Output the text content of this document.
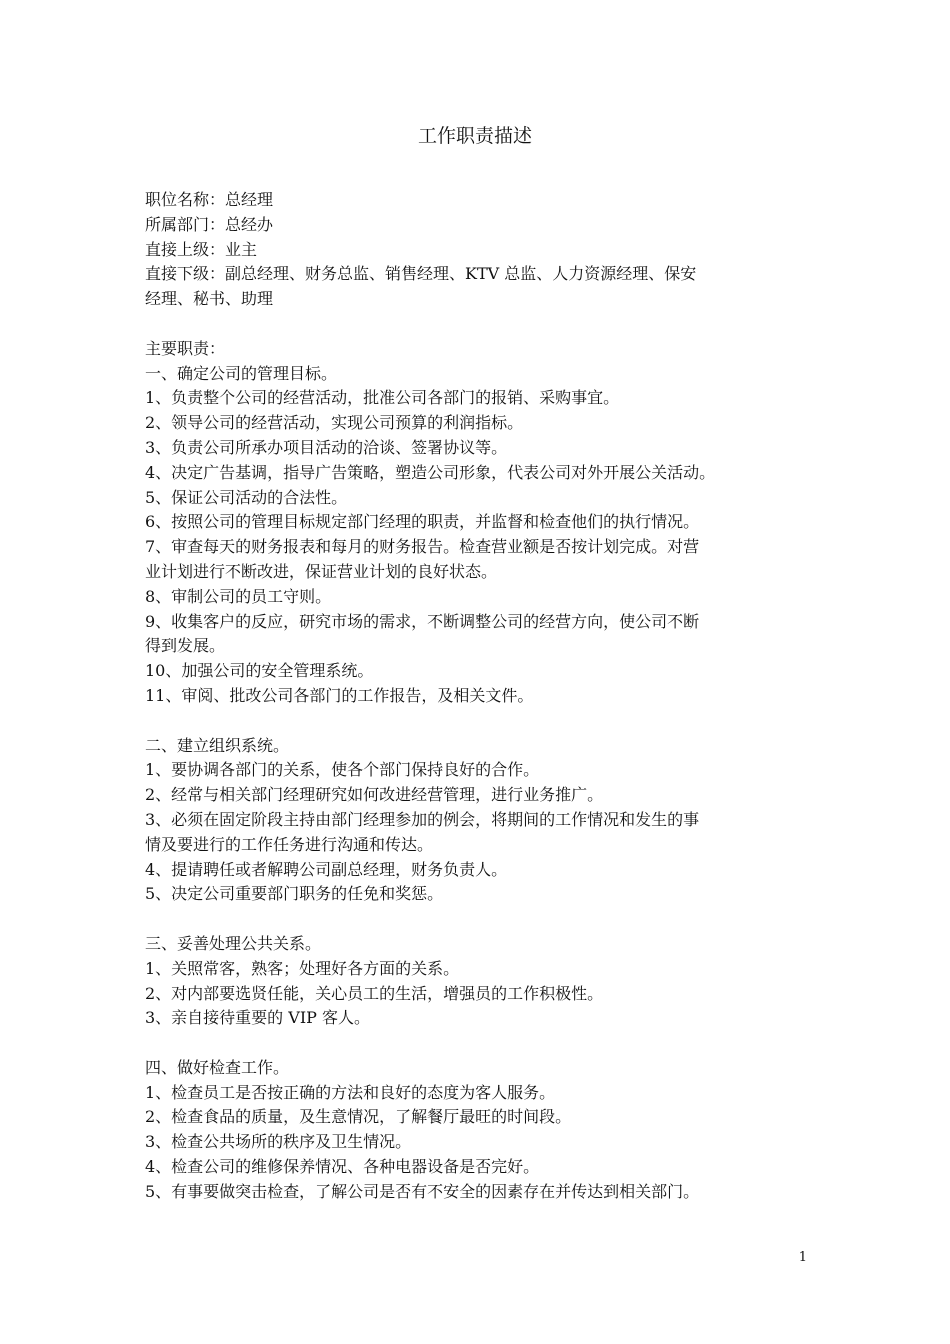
工作职责描述

职位名称：总经理

所属部门：总经办

直接上级：业主

直接下级：副总经理、财务总监、销售经理、KTV 总监、人力资源经理、保安

经理、秘书、助理

主要职责：

一、确定公司的管理目标。

1、负责整个公司的经营活动，批准公司各部门的报销、采购事宜。

2、领导公司的经营活动，实现公司预算的利润指标。

3、负责公司所承办项目活动的洽谈、签署协议等。

4、决定广告基调，指导广告策略，塑造公司形象，代表公司对外开展公关活动。

5、保证公司活动的合法性。

6、按照公司的管理目标规定部门经理的职责，并监督和检查他们的执行情况。

7、审查每天的财务报表和每月的财务报告。检查营业额是否按计划完成。对营

业计划进行不断改进，保证营业计划的良好状态。

8、审制公司的员工守则。

9、收集客户的反应，研究市场的需求，不断调整公司的经营方向，使公司不断

得到发展。

10、加强公司的安全管理系统。

11、审阅、批改公司各部门的工作报告，及相关文件。

二、建立组织系统。

1、要协调各部门的关系，使各个部门保持良好的合作。

2、经常与相关部门经理研究如何改进经营管理，进行业务推广。

3、必须在固定阶段主持由部门经理参加的例会，将期间的工作情况和发生的事

情及要进行的工作任务进行沟通和传达。

4、提请聘任或者解聘公司副总经理，财务负责人。

5、决定公司重要部门职务的任免和奖惩。

三、妥善处理公共关系。

1、关照常客，熟客；处理好各方面的关系。

2、对内部要选贤任能，关心员工的生活，增强员的工作积极性。

3、亲自接待重要的 VIP 客人。

四、做好检查工作。

1、检查员工是否按正确的方法和良好的态度为客人服务。

2、检查食品的质量，及生意情况，了解餐厅最旺的时间段。

3、检查公共场所的秩序及卫生情况。

4、检查公司的维修保养情况、各种电器设备是否完好。

5、有事要做突击检查，了解公司是否有不安全的因素存在并传达到相关部门。

1
